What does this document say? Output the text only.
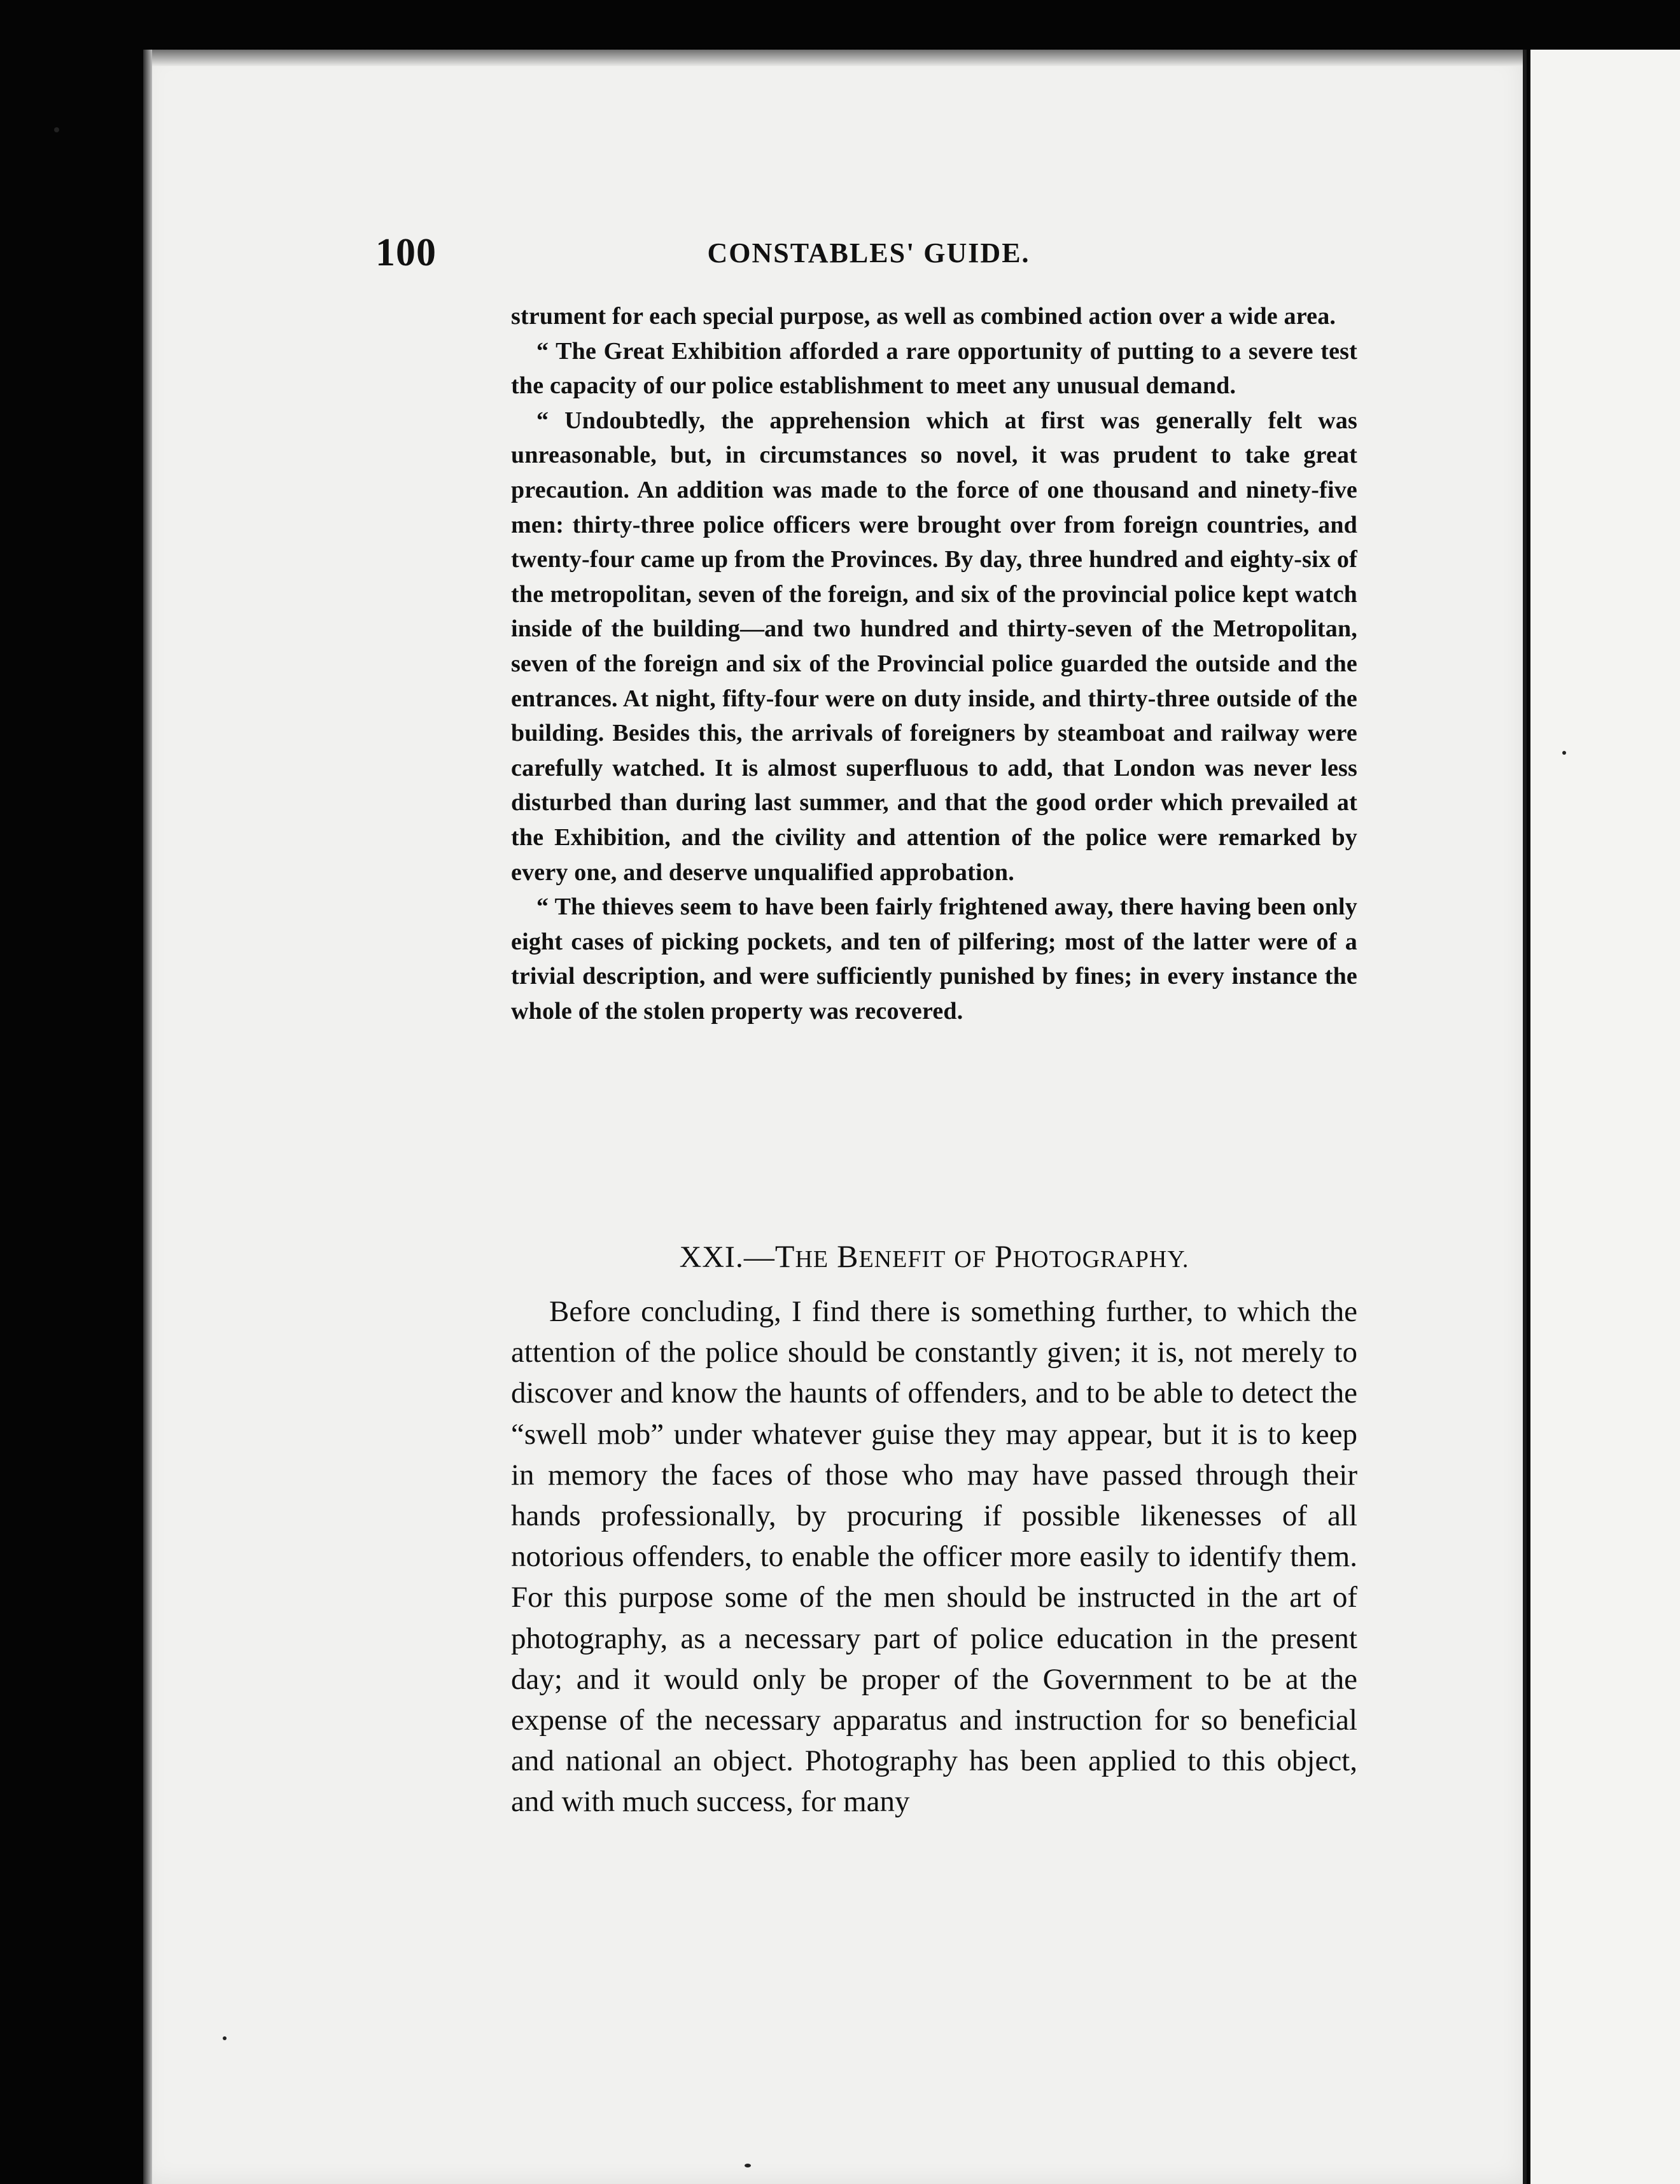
100	CONSTABLES' GUIDE.

strument for each special purpose, as well as combined action over a wide area.

“ The Great Exhibition afforded a rare opportunity of putting to a severe test the capacity of our police establishment to meet any unusual demand.

“ Undoubtedly, the apprehension which at first was generally felt was unreasonable, but, in circumstances so novel, it was prudent to take great precaution. An addition was made to the force of one thousand and ninety-five men: thirty-three police officers were brought over from foreign countries, and twenty-four came up from the Provinces. By day, three hundred and eighty-six of the metropolitan, seven of the foreign, and six of the provincial police kept watch inside of the building—and two hundred and thirty-seven of the Metropolitan, seven of the foreign and six of the Provincial police guarded the outside and the entrances. At night, fifty-four were on duty inside, and thirty-three outside of the building. Besides this, the arrivals of foreigners by steamboat and railway were carefully watched. It is almost superfluous to add, that London was never less disturbed than during last summer, and that the good order which prevailed at the Exhibition, and the civility and attention of the police were remarked by every one, and deserve unqualified approbation.

“ The thieves seem to have been fairly frightened away, there having been only eight cases of picking pockets, and ten of pilfering; most of the latter were of a trivial description, and were sufficiently punished by fines; in every instance the whole of the stolen property was recovered.

XXI.—THE BENEFIT OF PHOTOGRAPHY.

Before concluding, I find there is something further, to which the attention of the police should be constantly given; it is, not merely to discover and know the haunts of offenders, and to be able to detect the “swell mob” under whatever guise they may appear, but it is to keep in memory the faces of those who may have passed through their hands professionally, by procuring if possible likenesses of all notorious offenders, to enable the officer more easily to identify them. For this purpose some of the men should be instructed in the art of photography, as a necessary part of police education in the present day; and it would only be proper of the Government to be at the expense of the necessary apparatus and instruction for so beneficial and national an object. Photography has been applied to this object, and with much success, for many
